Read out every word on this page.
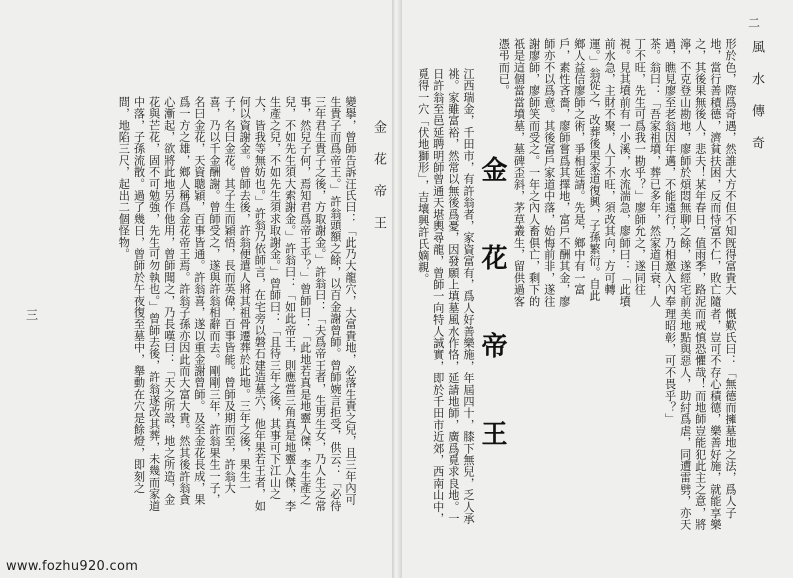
變擧，曾師告訴汪氏曰：「此乃大龍穴，大富貴地，必落生貴之兒，且三年內可生貴子而爲帝王。」許翁頭額之餘，以百金謝曾師。曾師婉言拒受，供云：「必待三年君生貴子之後，方取謝金。」許翁曰：「夫爲帝王者，生男生女，乃人生之常事，然兒子何，焉知君爲帝王乎？」曾師曰：「此地若真是地靈人傑，李生產之兒，不如先生須大索謝金。」許翁曰：「如此帝王，則應當三角真是地靈人傑，李生產之兒，不如先生須求取謝金。」曾師曰：「且待三年之後，其事可下江山之大，皆我等無妨也。」許翁乃依師言，在宅旁以磐石建造墓穴，他年果若王者，如何以資謝金。曾師去後，許翁便遣人將其祖骨遷葬於此地。三年之後，果生一子，名曰金花。其子生而穎悟，長而英偉，百事皆能。曾師及期而至，許翁大喜，乃以千金酬謝。曾師受之，遂與許翁相辭而去。剛剛三年，許翁果生一子，名曰金花，天資聰穎，百事皆通。許翁喜，遂以重金謝曾師。及至金花長成，果爲一方之雄，鄉人稱爲金花帝王焉。許翁子孫亦因此而大富大貴。然其後許翁貪心漸起，欲將此地另作他用，曾師聞之，乃長嘆曰：「天之所設，地之所造，金花與芒花，固不可勉強，先生可勿執也。」曾師去後，許翁遂改其葬，未幾而家道中落，子孫流散。過了幾日，曾師於午夜復至墓中，舉動在穴是餘燈，即刻之間，地陷三尺，起出二個怪物。	金　花　帝　王
三
風　水　傳　奇
二
形於色，際爲奇遇，然誰大方不但不知旣得富貴大地，當行善積德，濟貧扶困，反而恃富不仁，敗亡隨之，其後果無後人，悲夫！某年春日，值雨季，路泥濘，不克登山勘地，廖師於煩悶無聊之餘，遂經宅前過，瞧見廖至老翁因年邁，不能遠行，乃相邀入內奉茶。翁曰：「吾家祖墳，葬已多年，然家道日衰，人丁不旺，先生可爲我一勘乎？」廖師允之，遂同往視。見其墳前有一小溪，水流湍急，廖師曰：「此墳前水急，主財不聚，人丁不旺，須改其向，方可轉運。」翁從之，改葬後果家道復興，子孫繁衍。自此鄉人益信廖師之術，爭相延請。先是，鄉中有一富戶，素性吝嗇，廖師嘗爲其擇地，富戶不酬其金，廖師亦不以爲意。其後富戶家道中落，始悔前非，遂往謝廖師，廖師笑而受之。一年之內人畜俱亡，剩下的祇是這個當當墳墓，墓碑歪斜，茅草叢生，留供過客憑弔而已。
慨歎氏曰：「無德而擁墓地之法，爲人子者，豈可不存心積德，樂善好施，就能享樂而戒慎恐懼哉！而地師豈能犯此主之意，將美地點與惡人，助紂爲虐，同遭雷劈，亦天理昭彰，可不畏乎？」
金　花　帝　王
江西瑞金，千田市，有許翁者，家資富有，爲人好善樂施，年屆四十，膝下無兒，乏人承祧。家雖富裕，然常以無後爲憂，因發願上填墓風水作恪，延請地師，廣爲覓求良地。一日許翁至邑延聘明師曾通天堪輿尋龍，曾師一向特人誠實，即於千田市近郊，西南山中，覓得一穴「伏地獅形」，吉壤興許氏嫡親。
www.fozhu920.com
